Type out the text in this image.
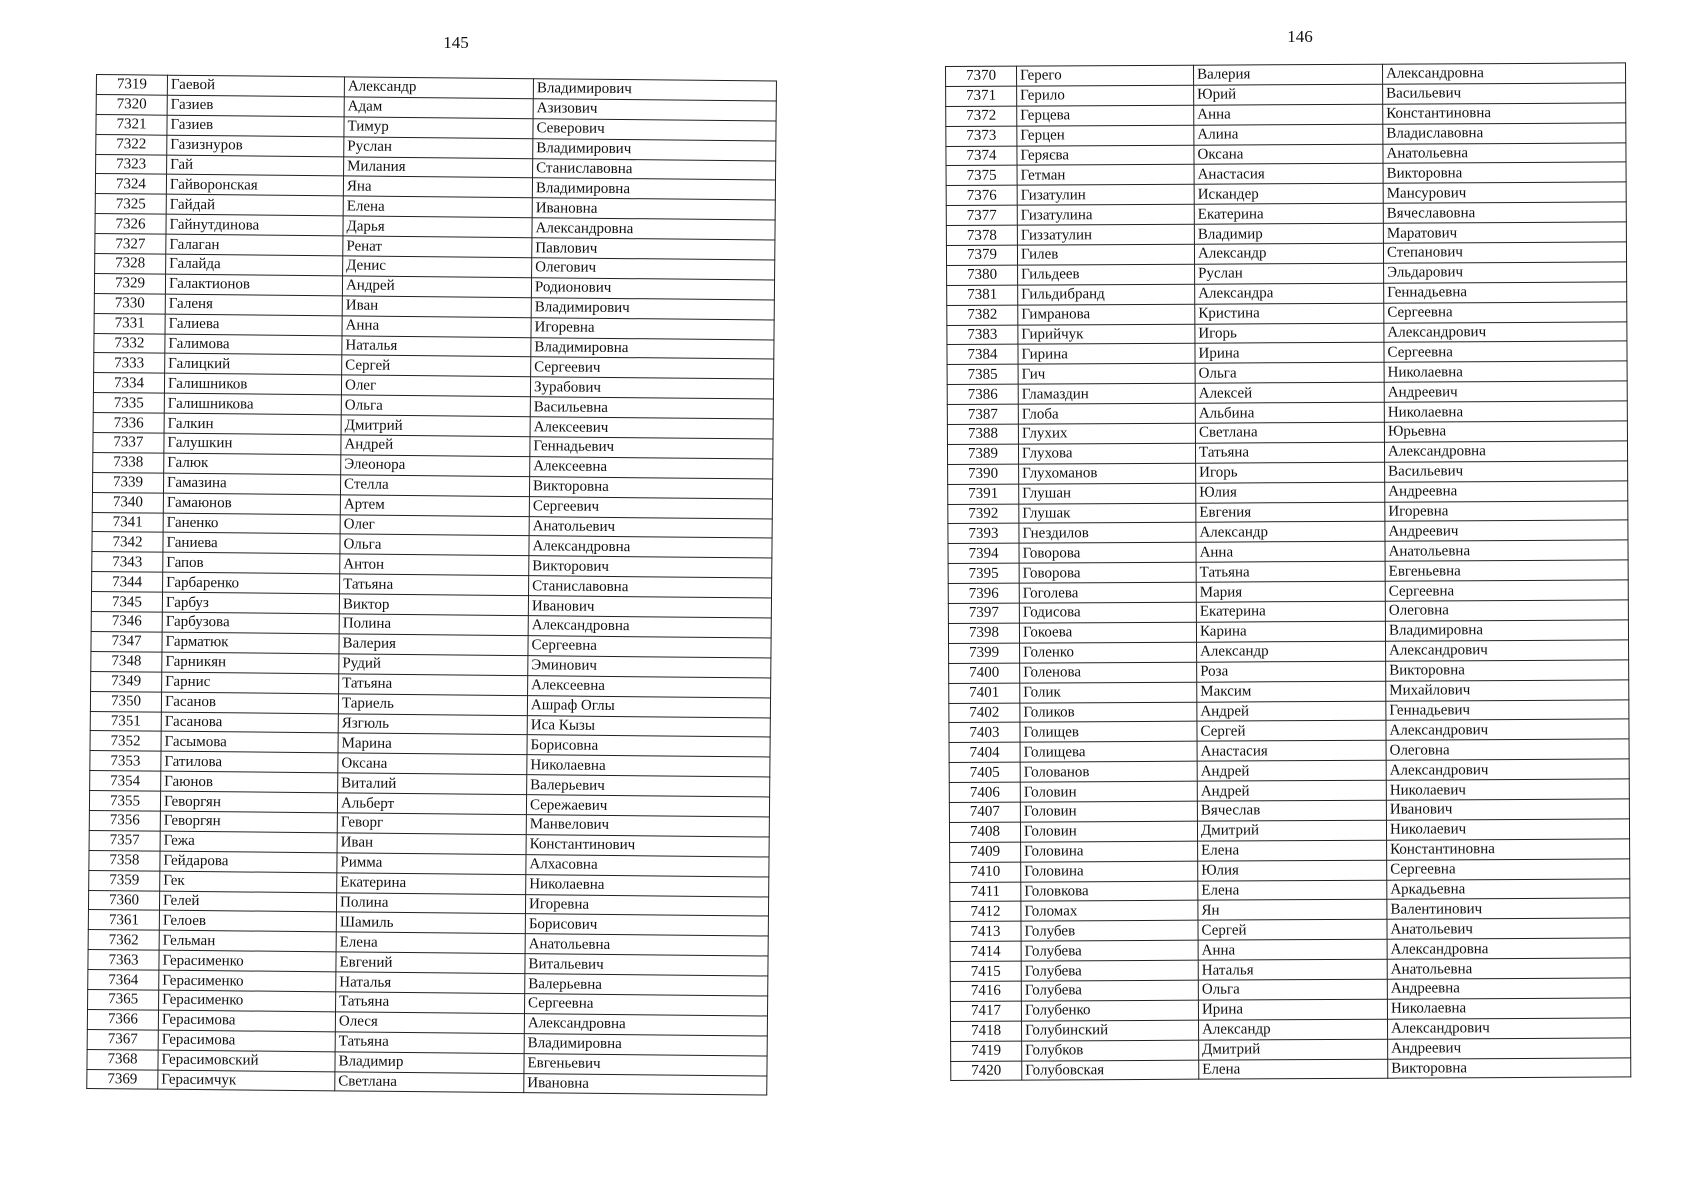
145
7319	Гаевой	Александр	Владимирович
7320	Газиев	Адам	Азизович
7321	Газиев	Тимур	Северович
7322	Газизнуров	Руслан	Владимирович
7323	Гай	Милания	Станиславовна
7324	Гайворонская	Яна	Владимировна
7325	Гайдай	Елена	Ивановна
7326	Гайнутдинова	Дарья	Александровна
7327	Галаган	Ренат	Павлович
7328	Галайда	Денис	Олегович
7329	Галактионов	Андрей	Родионович
7330	Галеня	Иван	Владимирович
7331	Галиева	Анна	Игоревна
7332	Галимова	Наталья	Владимировна
7333	Галицкий	Сергей	Сергеевич
7334	Галишников	Олег	Зурабович
7335	Галишникова	Ольга	Васильевна
7336	Галкин	Дмитрий	Алексеевич
7337	Галушкин	Андрей	Геннадьевич
7338	Галюк	Элеонора	Алексеевна
7339	Гамазина	Стелла	Викторовна
7340	Гамаюнов	Артем	Сергеевич
7341	Ганенко	Олег	Анатольевич
7342	Ганиева	Ольга	Александровна
7343	Гапов	Антон	Викторович
7344	Гарбаренко	Татьяна	Станиславовна
7345	Гарбуз	Виктор	Иванович
7346	Гарбузова	Полина	Александровна
7347	Гарматюк	Валерия	Сергеевна
7348	Гарникян	Рудий	Эминович
7349	Гарнис	Татьяна	Алексеевна
7350	Гасанов	Тариель	Ашраф Оглы
7351	Гасанова	Язгюль	Иса Кызы
7352	Гасымова	Марина	Борисовна
7353	Гатилова	Оксана	Николаевна
7354	Гаюнов	Виталий	Валерьевич
7355	Геворгян	Альберт	Сережаевич
7356	Геворгян	Геворг	Манвелович
7357	Гежа	Иван	Константинович
7358	Гейдарова	Римма	Алхасовна
7359	Гек	Екатерина	Николаевна
7360	Гелей	Полина	Игоревна
7361	Гелоев	Шамиль	Борисович
7362	Гельман	Елена	Анатольевна
7363	Герасименко	Евгений	Витальевич
7364	Герасименко	Наталья	Валерьевна
7365	Герасименко	Татьяна	Сергеевна
7366	Герасимова	Олеся	Александровна
7367	Герасимова	Татьяна	Владимировна
7368	Герасимовский	Владимир	Евгеньевич
7369	Герасимчук	Светлана	Ивановна
146
7370	Герего	Валерия	Александровна
7371	Герило	Юрий	Васильевич
7372	Герцева	Анна	Константиновна
7373	Герцен	Алина	Владиславовна
7374	Геряєва	Оксана	Анатольевна
7375	Гетман	Анастасия	Викторовна
7376	Гизатулин	Искандер	Мансурович
7377	Гизатулина	Екатерина	Вячеславовна
7378	Гиззатулин	Владимир	Маратович
7379	Гилев	Александр	Степанович
7380	Гильдеев	Руслан	Эльдарович
7381	Гильдибранд	Александра	Геннадьевна
7382	Гимранова	Кристина	Сергеевна
7383	Гирийчук	Игорь	Александрович
7384	Гирина	Ирина	Сергеевна
7385	Гич	Ольга	Николаевна
7386	Гламаздин	Алексей	Андреевич
7387	Глоба	Альбина	Николаевна
7388	Глухих	Светлана	Юрьевна
7389	Глухова	Татьяна	Александровна
7390	Глухоманов	Игорь	Васильевич
7391	Глушан	Юлия	Андреевна
7392	Глушак	Евгения	Игоревна
7393	Гнездилов	Александр	Андреевич
7394	Говорова	Анна	Анатольевна
7395	Говорова	Татьяна	Евгеньевна
7396	Гоголева	Мария	Сергеевна
7397	Годисова	Екатерина	Олеговна
7398	Гокоева	Карина	Владимировна
7399	Голенко	Александр	Александрович
7400	Голенова	Роза	Викторовна
7401	Голик	Максим	Михайлович
7402	Голиков	Андрей	Геннадьевич
7403	Голищев	Сергей	Александрович
7404	Голищева	Анастасия	Олеговна
7405	Голованов	Андрей	Александрович
7406	Головин	Андрей	Николаевич
7407	Головин	Вячеслав	Иванович
7408	Головин	Дмитрий	Николаевич
7409	Головина	Елена	Константиновна
7410	Головина	Юлия	Сергеевна
7411	Головкова	Елена	Аркадьевна
7412	Голомах	Ян	Валентинович
7413	Голубев	Сергей	Анатольевич
7414	Голубева	Анна	Александровна
7415	Голубева	Наталья	Анатольевна
7416	Голубева	Ольга	Андреевна
7417	Голубенко	Ирина	Николаевна
7418	Голубинский	Александр	Александрович
7419	Голубков	Дмитрий	Андреевич
7420	Голубовская	Елена	Викторовна
